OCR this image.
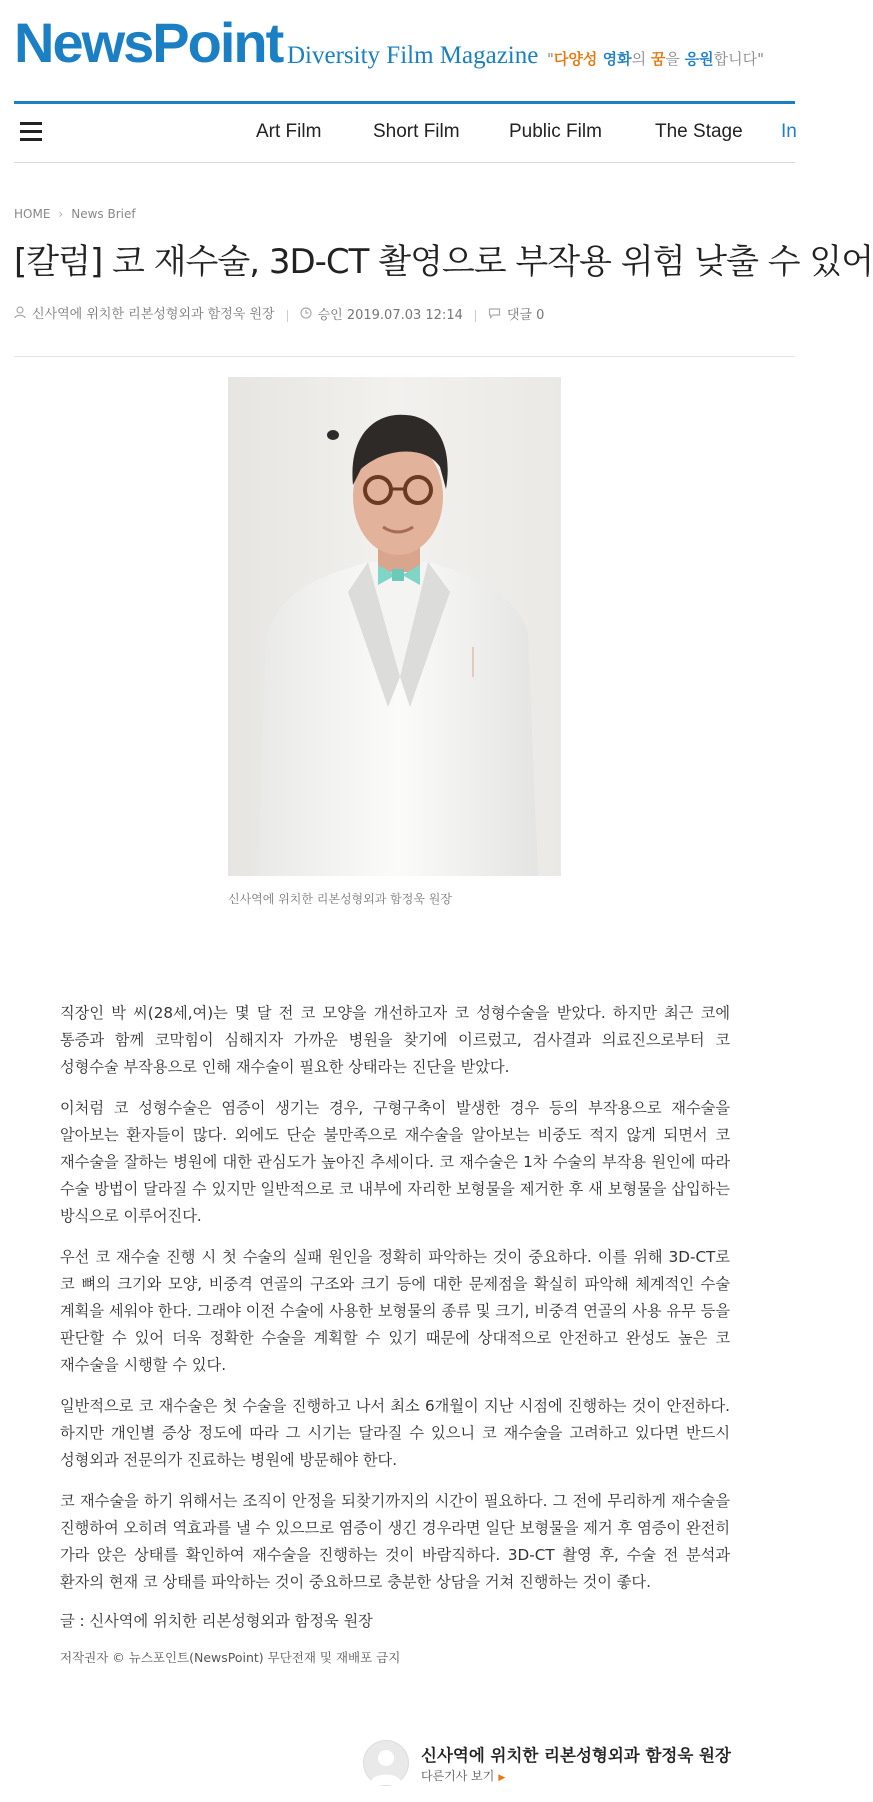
NewsPoint Diversity Film Magazine "다양성 영화의 꿈을 응원합니다"
Art Film	Short Film	Public Film	The Stage In
HOME › News Brief
[칼럼] 코 재수술, 3D-CT 촬영으로 부작용 위험 낮출 수 있어
신사역에 위치한 리본성형외과 함정욱 원장	승인 2019.07.03 12:14	댓글 0
신사역에 위치한 리본성형외과 함정욱 원장

직장인 박 씨(28세,여)는 몇 달 전 코 모양을 개선하고자 코 성형수술을 받았다. 하지만 최근 코에 통증과 함께 코막힘이 심해지자 가까운 병원을 찾기에 이르렀고, 검사결과 의료진으로부터 코 성형수술 부작용으로 인해 재수술이 필요한 상태라는 진단을 받았다.

이처럼 코 성형수술은 염증이 생기는 경우, 구형구축이 발생한 경우 등의 부작용으로 재수술을 알아보는 환자들이 많다. 외에도 단순 불만족으로 재수술을 알아보는 비중도 적지 않게 되면서 코 재수술을 잘하는 병원에 대한 관심도가 높아진 추세이다. 코 재수술은 1차 수술의 부작용 원인에 따라 수술 방법이 달라질 수 있지만 일반적으로 코 내부에 자리한 보형물을 제거한 후 새 보형물을 삽입하는 방식으로 이루어진다.

우선 코 재수술 진행 시 첫 수술의 실패 원인을 정확히 파악하는 것이 중요하다. 이를 위해 3D-CT로 코 뼈의 크기와 모양, 비중격 연골의 구조와 크기 등에 대한 문제점을 확실히 파악해 체계적인 수술 계획을 세워야 한다. 그래야 이전 수술에 사용한 보형물의 종류 및 크기, 비중격 연골의 사용 유무 등을 판단할 수 있어 더욱 정확한 수술을 계획할 수 있기 때문에 상대적으로 안전하고 완성도 높은 코 재수술을 시행할 수 있다.

일반적으로 코 재수술은 첫 수술을 진행하고 나서 최소 6개월이 지난 시점에 진행하는 것이 안전하다. 하지만 개인별 증상 정도에 따라 그 시기는 달라질 수 있으니 코 재수술을 고려하고 있다면 반드시 성형외과 전문의가 진료하는 병원에 방문해야 한다.

코 재수술을 하기 위해서는 조직이 안정을 되찾기까지의 시간이 필요하다. 그 전에 무리하게 재수술을 진행하여 오히려 역효과를 낼 수 있으므로 염증이 생긴 경우라면 일단 보형물을 제거 후 염증이 완전히 가라 앉은 상태를 확인하여 재수술을 진행하는 것이 바람직하다. 3D-CT 촬영 후, 수술 전 분석과 환자의 현재 코 상태를 파악하는 것이 중요하므로 충분한 상담을 거쳐 진행하는 것이 좋다.

글 : 신사역에 위치한 리본성형외과 함정욱 원장
저작권자 © 뉴스포인트(NewsPoint) 무단전재 및 재배포 금지
신사역에 위치한 리본성형외과 함정욱 원장
다른기사 보기 ▶
